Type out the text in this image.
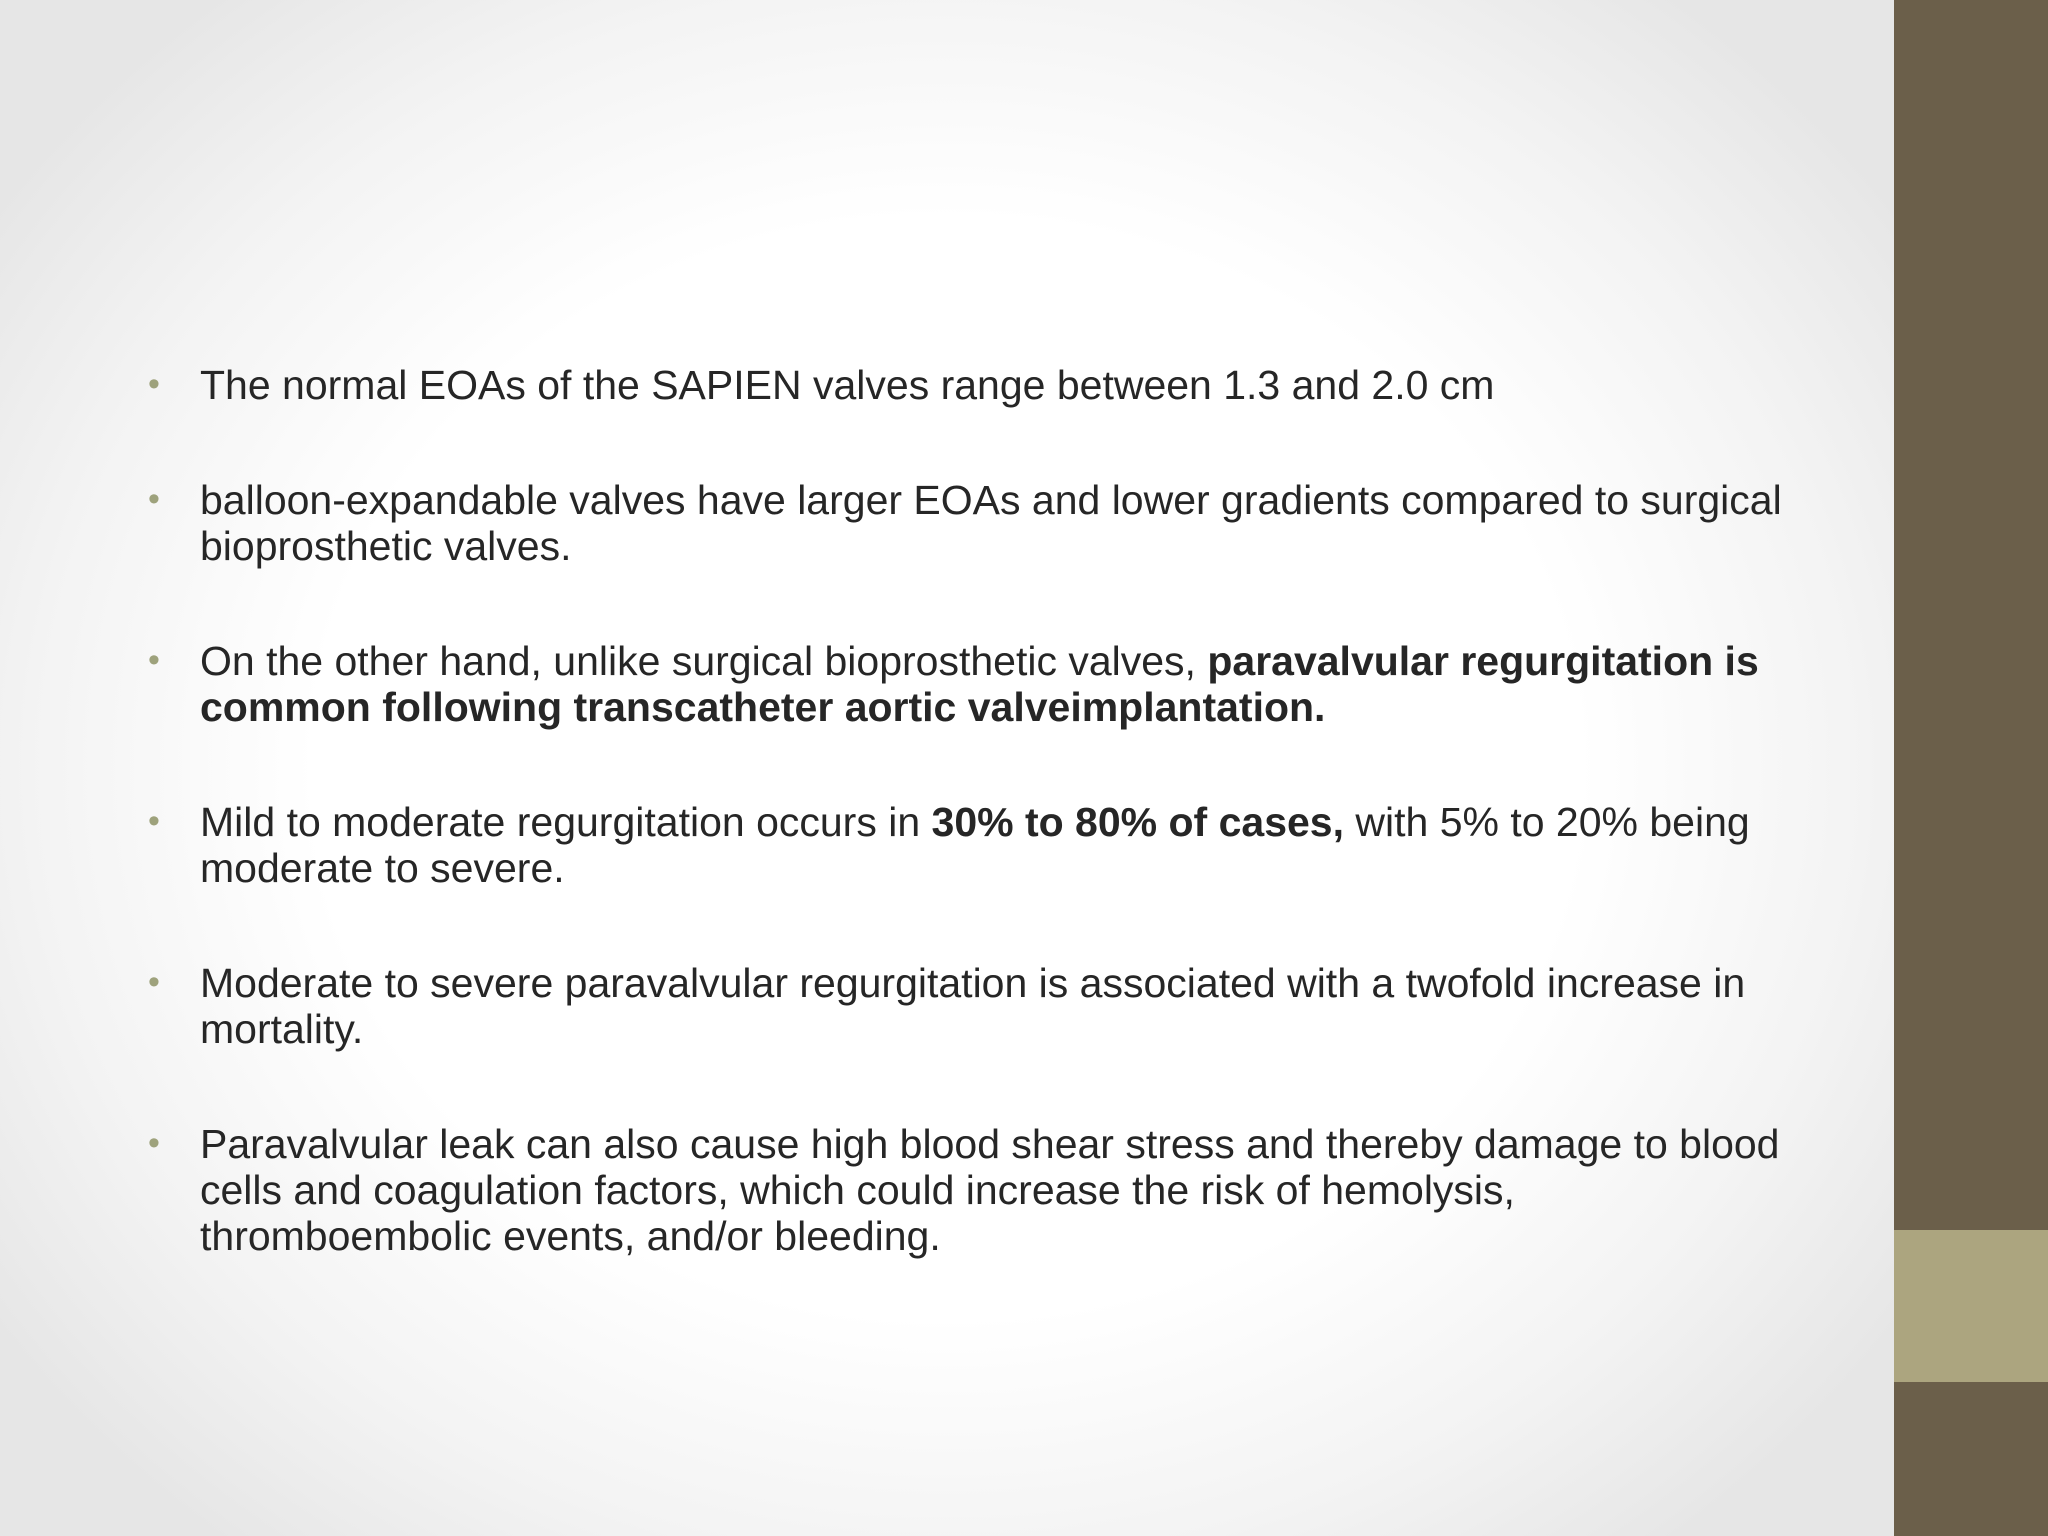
• The normal EOAs of the SAPIEN valves range between 1.3 and 2.0 cm
• balloon-expandable valves have larger EOAs and lower gradients compared to surgical bioprosthetic valves.
• On the other hand, unlike surgical bioprosthetic valves, paravalvular regurgitation is common following transcatheter aortic valveimplantation.
• Mild to moderate regurgitation occurs in 30% to 80% of cases, with 5% to 20% being moderate to severe.
• Moderate to severe paravalvular regurgitation is associated with a twofold increase in mortality.
• Paravalvular leak can also cause high blood shear stress and thereby damage to blood cells and coagulation factors, which could increase the risk of hemolysis, thromboembolic events, and/or bleeding.
